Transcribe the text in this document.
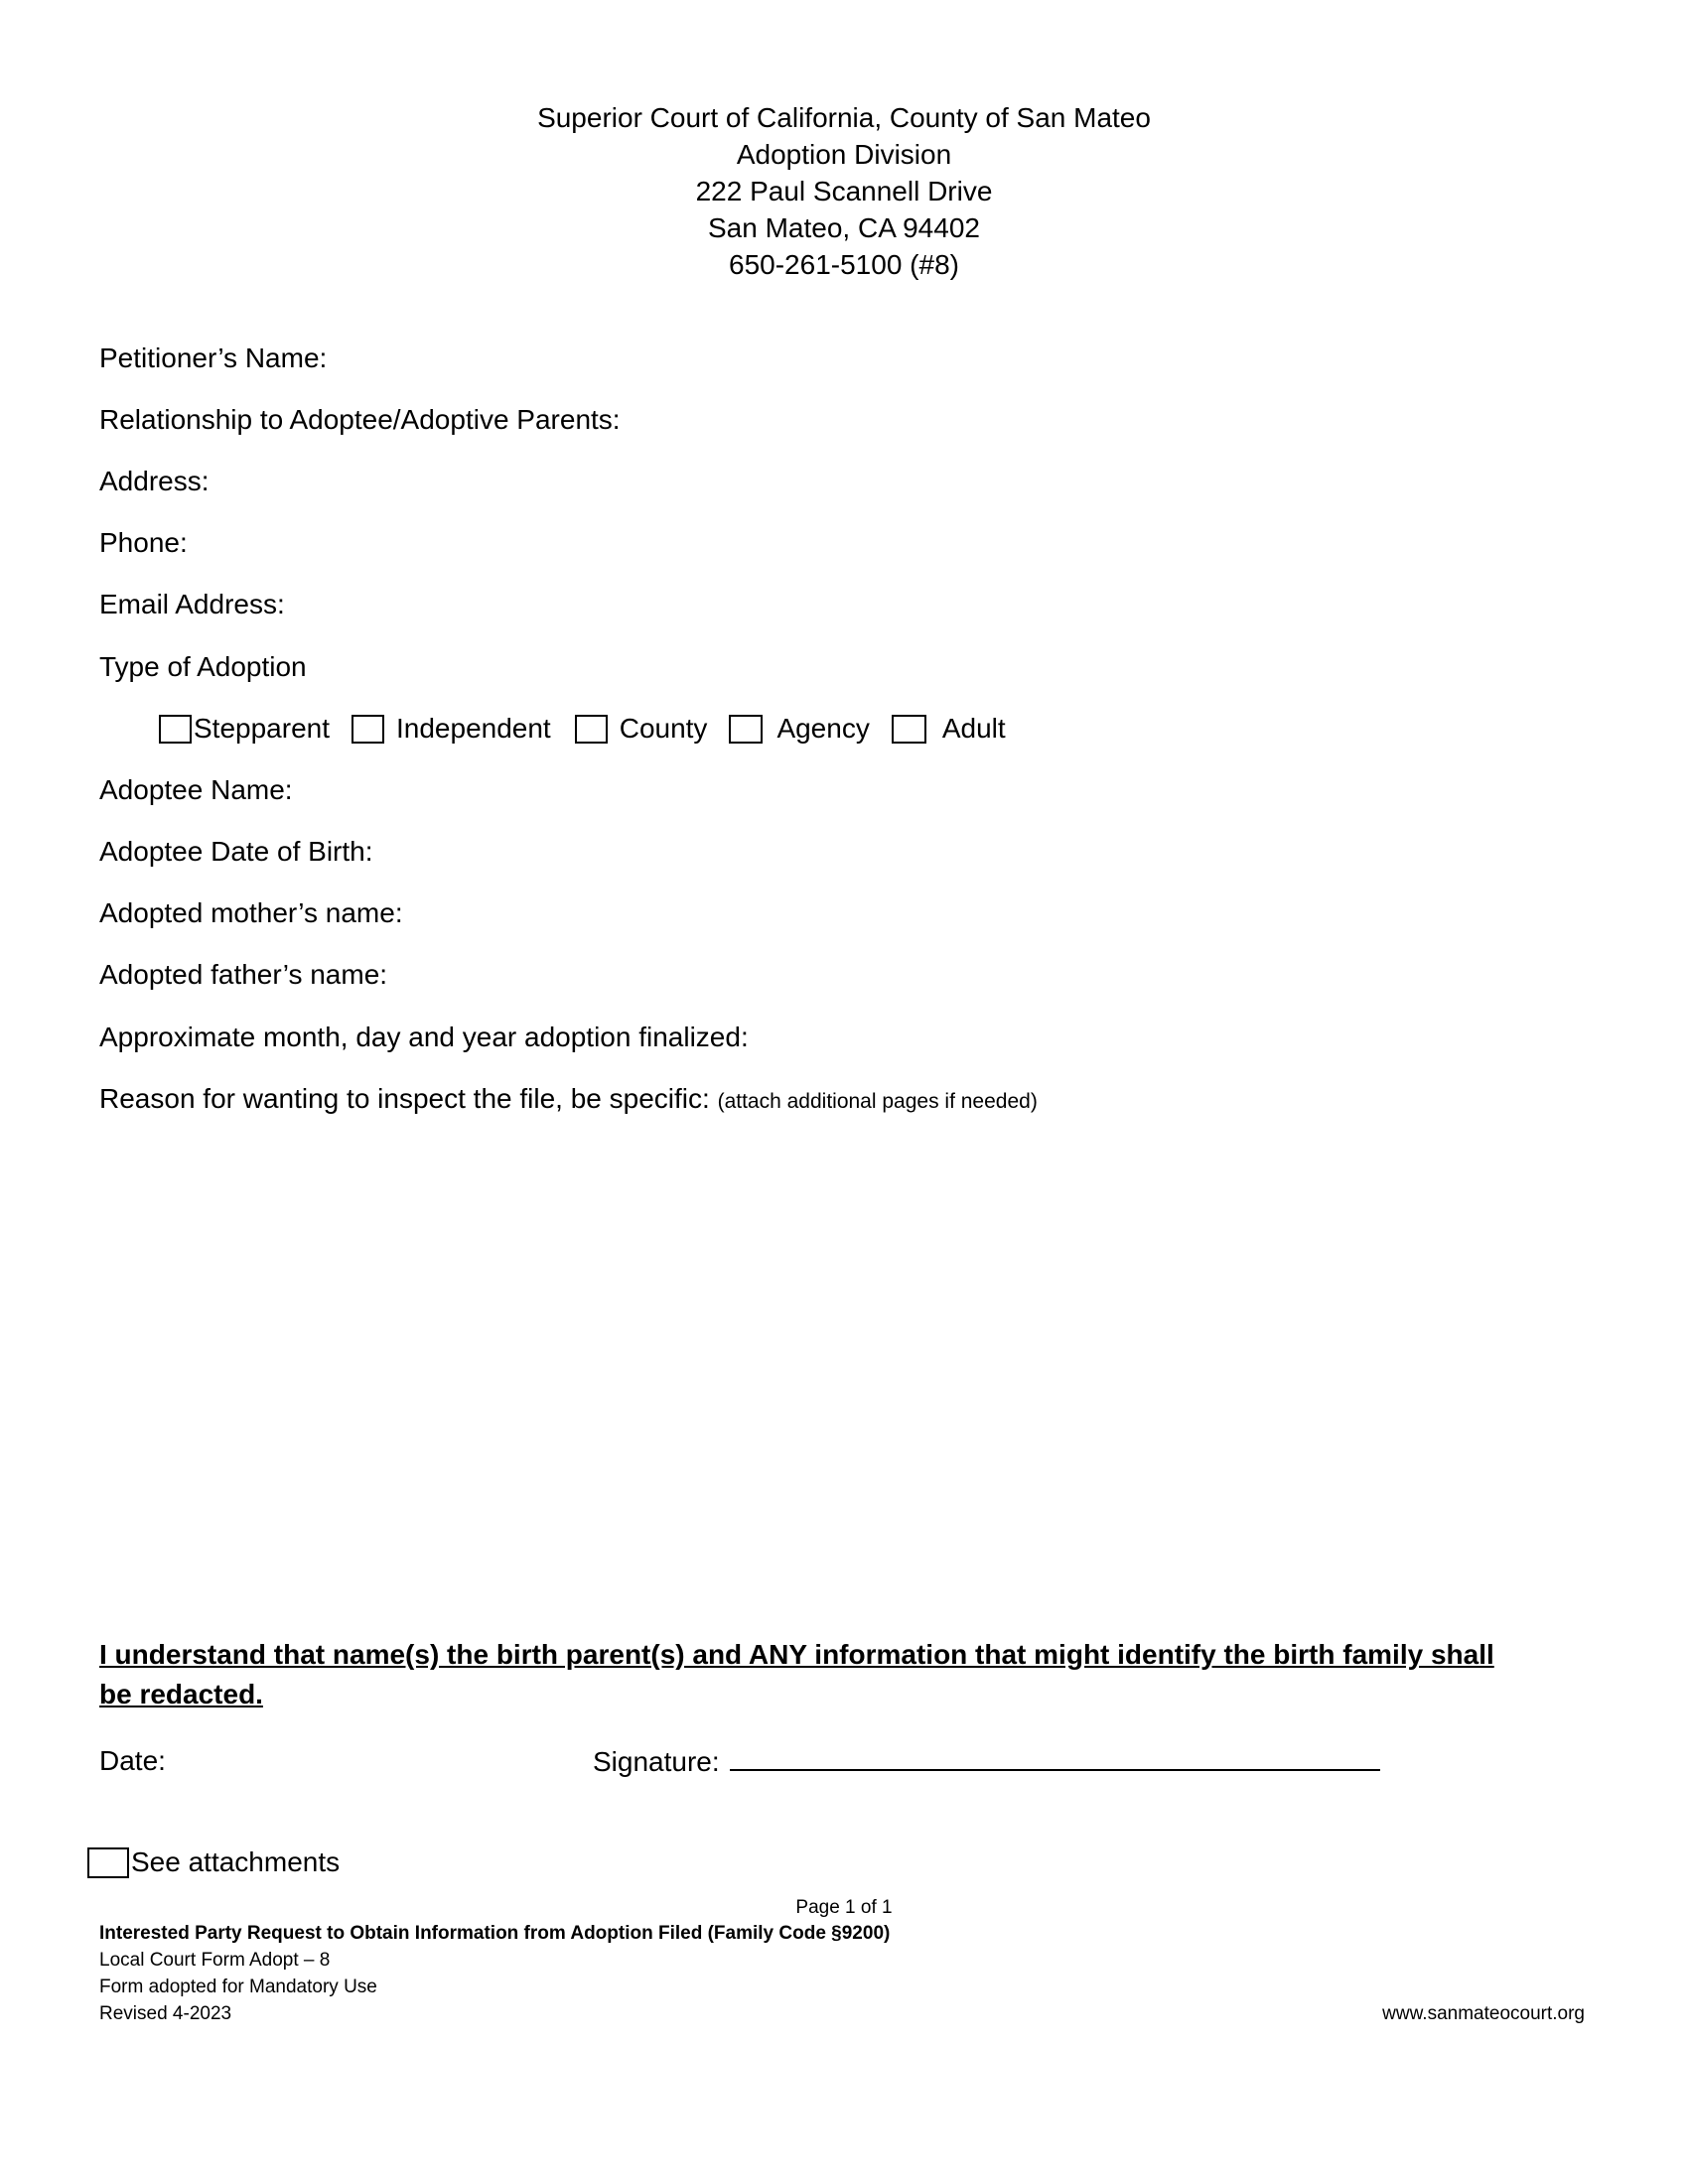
Superior Court of California, County of San Mateo
Adoption Division
222 Paul Scannell Drive
San Mateo, CA 94402
650-261-5100 (#8)
Petitioner’s Name:
Relationship to Adoptee/Adoptive Parents:
Address:
Phone:
Email Address:
Type of Adoption
Stepparent Independent County	Agency	Adult
Adoptee Name:
Adoptee Date of Birth:
Adopted mother’s name:
Adopted father’s name:
Approximate month, day and year adoption finalized:
Reason for wanting to inspect the file, be specific: (attach additional pages if needed)
I understand that name(s) the birth parent(s) and ANY information that might identify the birth family shall be redacted.
Date:	Signature:
See attachments
Page 1 of 1
Interested Party Request to Obtain Information from Adoption Filed (Family Code §9200)
Local Court Form Adopt – 8
Form adopted for Mandatory Use
Revised 4-2023	www.sanmateocourt.org
